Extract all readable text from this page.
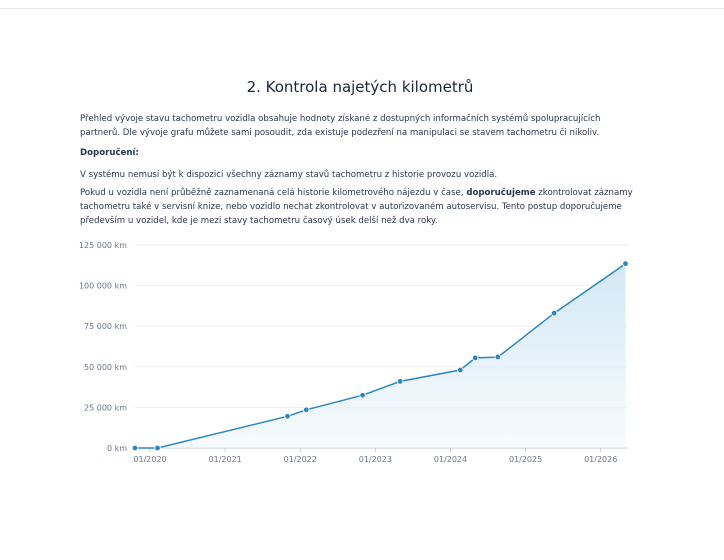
2. Kontrola najetých kilometrů

Přehled vývoje stavu tachometru vozidla obsahuje hodnoty získané z dostupných informačních systémů spolupracujících partnerů. Dle vývoje grafu můžete sami posoudit, zda existuje podezření na manipulaci se stavem tachometru či nikoliv.

Doporučení:

V systému nemusí být k dispozici všechny záznamy stavů tachometru z historie provozu vozidla.

Pokud u vozidla není průběžně zaznamenaná celá historie kilometrového nájezdu v čase, doporučujeme zkontrolovat záznamy tachometru také v servisní knize, nebo vozidlo nechat zkontrolovat v autorizovaném autoservisu. Tento postup doporučujeme především u vozidel, kde je mezi stavy tachometru časový úsek delší než dva roky.

0 km
25 000 km
50 000 km
75 000 km
100 000 km
125 000 km
01/2020	01/2021	01/2022	01/2023	01/2024	01/2025	01/2026
